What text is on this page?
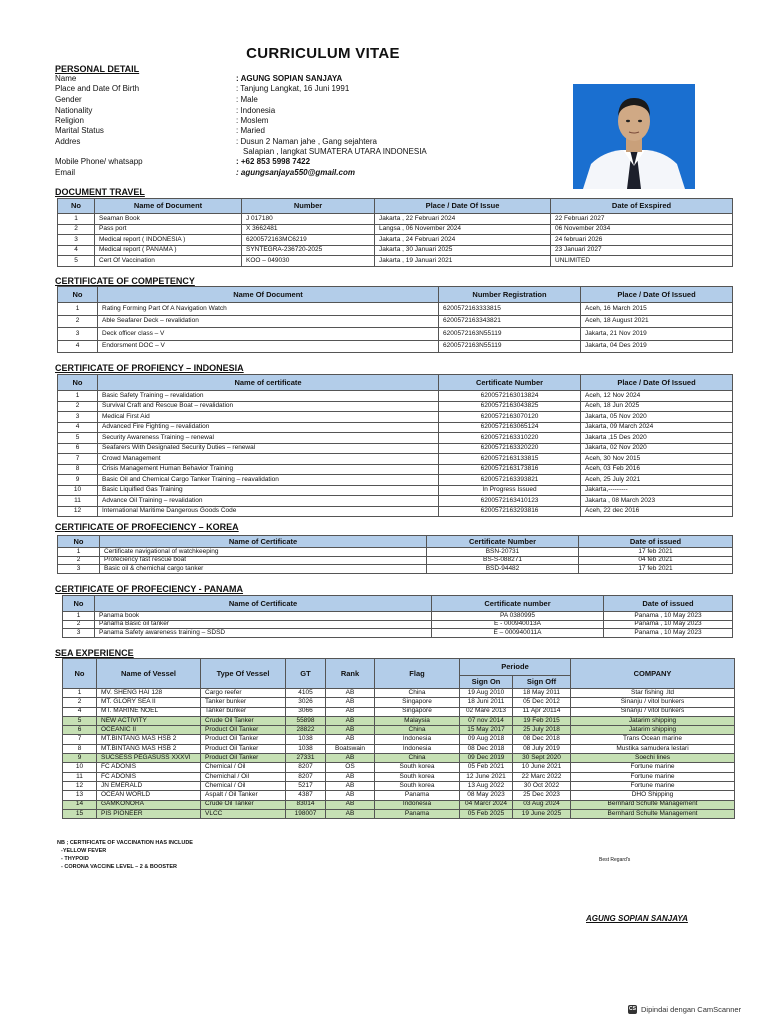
CURRICULUM VITAE
PERSONAL DETAIL
Name	: AGUNG SOPIAN SANJAYA
Place and Date Of Birth	: Tanjung Langkat, 16 Juni 1991
Gender	: Male
Nationality	: Indonesia
Religion	: Moslem
Marital Status	: Maried
Addres	: Dusun 2 Naman jahe , Gang sejahtera
Salapian , langkat SUMATERA UTARA INDONESIA
Mobile Phone/ whatsapp	: +62 853 5998 7422
Email	: agungsanjaya550@gmail.com
DOCUMENT TRAVEL
No	Name of Document	Number	Place / Date Of Issue	Date of Exspired
1	Seaman Book	J 017180	Jakarta , 22 Februari 2024	22 Februari 2027
2	Pass port	X 3662481	Langsa , 06 November 2024	06 November 2034
3	Medical report ( INDONESIA )	6200572163MC6219	Jakarta , 24 Februari 2024	24 februari 2026
4	Medical report ( PANAMA )	SYNTEGRA-236720-2025	Jakarta , 30 Januari 2025	23 Januari 2027
5	Cert Of Vaccination	KOO – 049030	Jakarta , 19 Januari 2021	UNLIMITED
CERTIFICATE OF COMPETENCY
No	Name Of Document	Number Registration	Place / Date Of Issued
1	Rating Forming Part Of A Navigation Watch	6200572163333815	Aceh, 16 March 2015
2	Able Seafarer Deck – revalidation	6200572163343821	Aceh, 18 August 2021
3	Deck officer class – V	6200572163N55119	Jakarta, 21 Nov 2019
4	Endorsment DOC – V	6200572163N55119	Jakarta, 04 Des 2019
CERTIFICATE OF PROFIENCY – INDONESIA
No	Name of certificate	Certificate Number	Place / Date Of Issued
1	Basic Safety Training – revalidation	6200572163013824	Aceh, 12 Nov 2024
2	Survival Craft and Rescue Boat – revalidation	6200572163043825	Aceh, 18 Jun 2025
3	Medical First Aid	6200572163070120	Jakarta, 05 Nov 2020
4	Advanced Fire Fighting – revalidation	6200572163065124	Jakarta, 09 March 2024
5	Security Awareness Training – renewal	6200572163310220	Jakarta ,15 Des 2020
6	Seafarers With Designated Security Duties – renewal	6200572163320220	Jakarta, 02 Nov 2020
7	Crowd Management	6200572163133815	Aceh, 30 Nov 2015
8	Crisis Management Human Behavior Training	6200572163173816	Aceh, 03 Feb 2016
9	Basic Oil and Chemical Cargo Tanker Training – reavalidation	6200572163393821	Aceh, 25 July 2021
10	Basic Liquified Gas Training	In Progress Issued	Jakarta,---------
11	Advance Oil Training – revalidation	6200572163410123	Jakarta , 08 March 2023
12	International Maritime Dangerous Goods Code	6200572163293816	Aceh, 22 dec 2016
CERTIFICATE OF PROFECIENCY – KOREA
No	Name of Certificate	Certificate Number	Date of issued
1	Certificate navigational of watchkeeping	BSN-20731	17 feb 2021
2	Profeciency fast rescue boat	BS-S-088271	04 feb 2021
3	Basic oil & chemichal cargo tanker	BSD-94482	17 feb 2021
CERTIFICATE OF PROFECIENCY - PANAMA
No	Name of Certificate	Certificate number	Date of issued
1	Panama book	PA 0380995	Panama , 10 May 2023
2	Panama Basic oil tanker	E - 000940013A	Panama , 10 May 2023
3	Panama Safety awareness training – SDSD	E – 000940011A	Panama , 10 May 2023
SEA EXPERIENCE
No	Name of Vessel	Type Of Vessel	GT	Rank	Flag	Periode		COMPANY
						Sign On	Sign Off	
1	MV. SHENG HAI 128	Cargo reefer	4105	AB	China	19 Aug 2010	18 May 2011	Star fishing .ltd
2	MT. GLORY SEA II	Tanker bunker	3026	AB	Singapore	18 Juni 2011	05 Dec 2012	Sinanju / vitol bunkers
4	MT. MARINE NOEL	Tanker bunker	3066	AB	Singapore	02 Mare 2013	11 Apr 20114	Sinanju / vitol bunkers
5	NEW ACTIVITY	Crude Oil Tanker	55898	AB	Malaysia	07 nov 2014	19 Feb 2015	Jatarim shipping
6	OCEANIC II	Product Oil Tanker	28822	AB	China	15 May 2017	25 July 2018	Jatarim shipping
7	MT.BINTANG MAS HSB 2	Product Oil Tanker	1038	AB	Indonesia	09 Aug 2018	08 Dec 2018	Trans Ocean marine
8	MT.BINTANG MAS HSB 2	Product Oil Tanker	1038	Boatswain	Indonesia	08 Dec 2018	08 July 2019	Mustika samudera lestari
9	SUCSESS PEGASUSS XXXVI	Product Oil Tanker	27331	AB	China	09 Dec 2019	30 Sept 2020	Soechi lines
10	FC ADONIS	Chemical / Oil	8207	OS	South korea	05 Feb 2021	10 June 2021	Fortune marine
11	FC ADONIS	Chemichal / Oil	8207	AB	South korea	12 June 2021	22 Marc 2022	Fortune marine
12	JN EMERALD	Chemical / Oil	5217	AB	South korea	13 Aug 2022	30 Oct 2022	Fortune marine
13	OCEAN WORLD	Aspalt / Oil Tanker	4387	AB	Panama	08 May 2023	25 Dec 2023	DHO Shipping
14	GAMKONORA	Crude Oil Tanker	83014	AB	Indonesia	04 Marcr 2024	03 Aug 2024	Bernhard Schulte Management
15	PIS PIONEER	VLCC	198007	AB	Panama	05 Feb 2025	19 June 2025	Bernhard Schulte Management
NB ; CERTIFICATE OF VACCINATION HAS INCLUDE
-YELLOW FEVER
- THYPOID
- CORONA VACCINE LEVEL – 2 & BOOSTER
Best Regard's
AGUNG SOPIAN SANJAYA
CS Dipindai dengan CamScanner
